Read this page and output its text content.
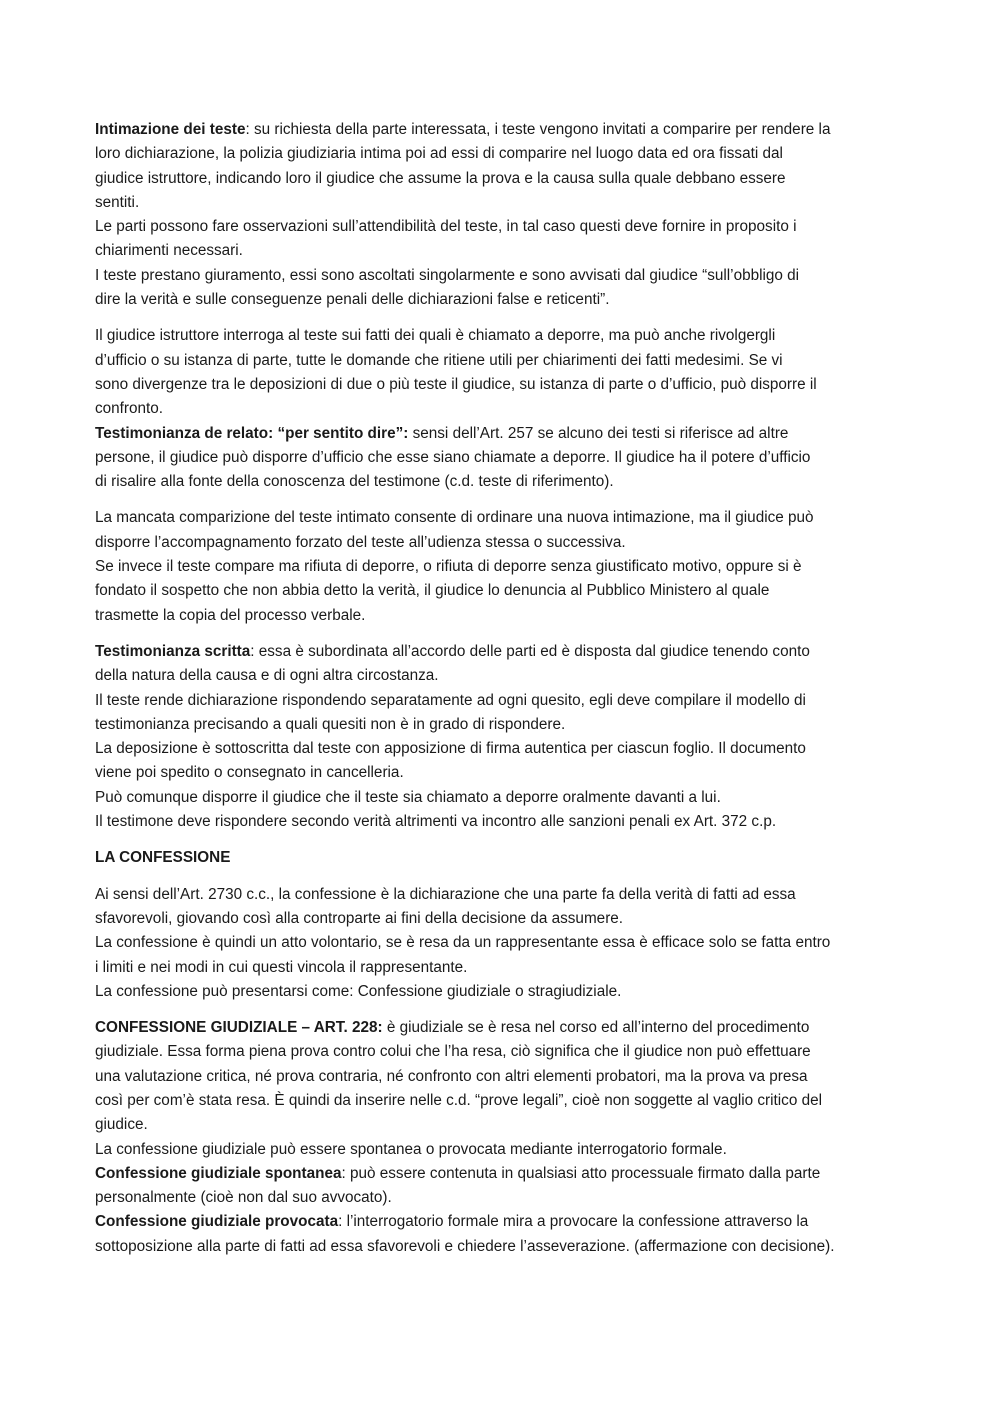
Intimazione dei teste: su richiesta della parte interessata, i teste vengono invitati a comparire per rendere la
loro dichiarazione, la polizia giudiziaria intima poi ad essi di comparire nel luogo data ed ora fissati dal
giudice istruttore, indicando loro il giudice che assume la prova e la causa sulla quale debbano essere
sentiti.
Le parti possono fare osservazioni sull’attendibilità del teste, in tal caso questi deve fornire in proposito i
chiarimenti necessari.
I teste prestano giuramento, essi sono ascoltati singolarmente e sono avvisati dal giudice “sull’obbligo di
dire la verità e sulle conseguenze penali delle dichiarazioni false e reticenti”.
Il giudice istruttore interroga al teste sui fatti dei quali è chiamato a deporre, ma può anche rivolgergli
d’ufficio o su istanza di parte, tutte le domande che ritiene utili per chiarimenti dei fatti medesimi. Se vi
sono divergenze tra le deposizioni di due o più teste il giudice, su istanza di parte o d’ufficio, può disporre il
confronto.
Testimonianza de relato: “per sentito dire”: sensi dell’Art. 257 se alcuno dei testi si riferisce ad altre
persone, il giudice può disporre d’ufficio che esse siano chiamate a deporre. Il giudice ha il potere d’ufficio
di risalire alla fonte della conoscenza del testimone (c.d. teste di riferimento).
La mancata comparizione del teste intimato consente di ordinare una nuova intimazione, ma il giudice può
disporre l’accompagnamento forzato del teste all’udienza stessa o successiva.
Se invece il teste compare ma rifiuta di deporre, o rifiuta di deporre senza giustificato motivo, oppure si è
fondato il sospetto che non abbia detto la verità, il giudice lo denuncia al Pubblico Ministero al quale
trasmette la copia del processo verbale.
Testimonianza scritta: essa è subordinata all’accordo delle parti ed è disposta dal giudice tenendo conto
della natura della causa e di ogni altra circostanza.
Il teste rende dichiarazione rispondendo separatamente ad ogni quesito, egli deve compilare il modello di
testimonianza precisando a quali quesiti non è in grado di rispondere.
La deposizione è sottoscritta dal teste con apposizione di firma autentica per ciascun foglio. Il documento
viene poi spedito o consegnato in cancelleria.
Può comunque disporre il giudice che il teste sia chiamato a deporre oralmente davanti a lui.
Il testimone deve rispondere secondo verità altrimenti va incontro alle sanzioni penali ex Art. 372 c.p.
LA CONFESSIONE
Ai sensi dell’Art. 2730 c.c., la confessione è la dichiarazione che una parte fa della verità di fatti ad essa
sfavorevoli, giovando così alla controparte ai fini della decisione da assumere.
La confessione è quindi un atto volontario, se è resa da un rappresentante essa è efficace solo se fatta entro
i limiti e nei modi in cui questi vincola il rappresentante.
La confessione può presentarsi come: Confessione giudiziale o stragiudiziale.
CONFESSIONE GIUDIZIALE – ART. 228: è giudiziale se è resa nel corso ed all’interno del procedimento
giudiziale. Essa forma piena prova contro colui che l’ha resa, ciò significa che il giudice non può effettuare
una valutazione critica, né prova contraria, né confronto con altri elementi probatori, ma la prova va presa
così per com’è stata resa. È quindi da inserire nelle c.d. “prove legali”, cioè non soggette al vaglio critico del
giudice.
La confessione giudiziale può essere spontanea o provocata mediante interrogatorio formale.
Confessione giudiziale spontanea: può essere contenuta in qualsiasi atto processuale firmato dalla parte
personalmente (cioè non dal suo avvocato).
Confessione giudiziale provocata: l’interrogatorio formale mira a provocare la confessione attraverso la
sottoposizione alla parte di fatti ad essa sfavorevoli e chiedere l’asseverazione. (affermazione con decisione).
